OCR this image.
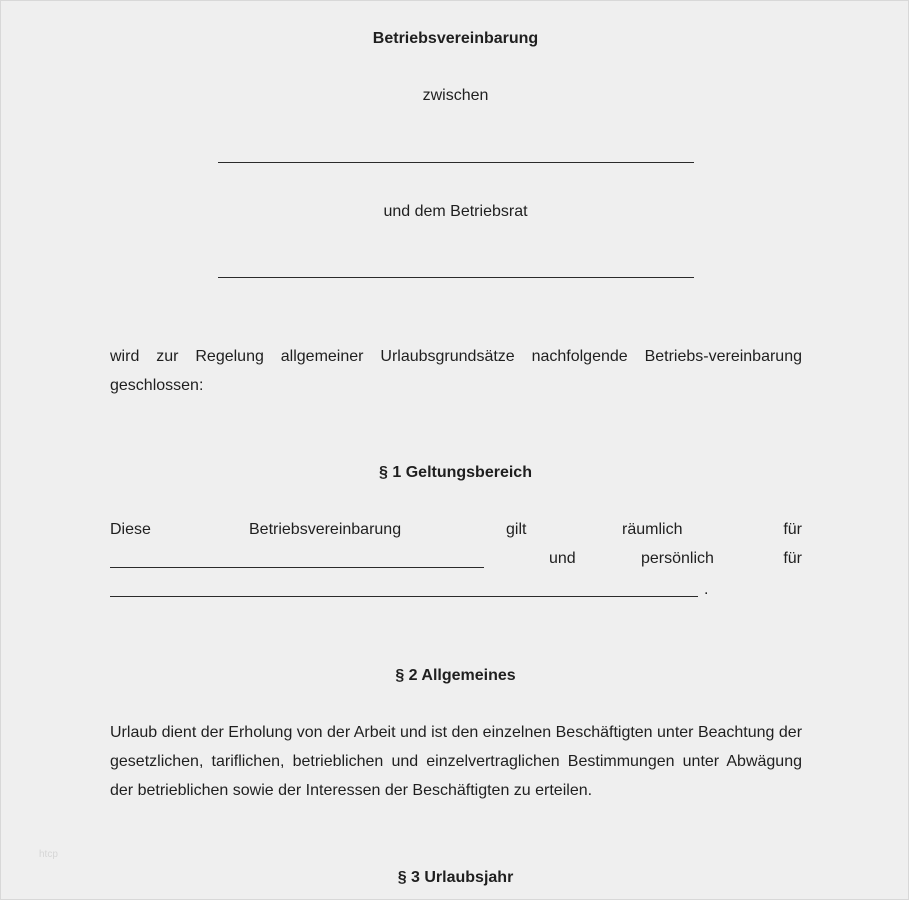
Betriebsvereinbarung
zwischen
und dem Betriebsrat
wird zur Regelung allgemeiner Urlaubsgrundsätze nachfolgende Betriebs-vereinbarung geschlossen:
§ 1 Geltungsbereich
Diese	Betriebsvereinbarung	gilt	räumlich	für
und	persönlich	für
.
§ 2 Allgemeines
Urlaub dient der Erholung von der Arbeit und ist den einzelnen Beschäftigten unter Beachtung der gesetzlichen, tariflichen, betrieblichen und einzelvertraglichen Bestimmungen unter Abwägung der betrieblichen sowie der Interessen der Beschäftigten zu erteilen.
§ 3 Urlaubsjahr
htcp
